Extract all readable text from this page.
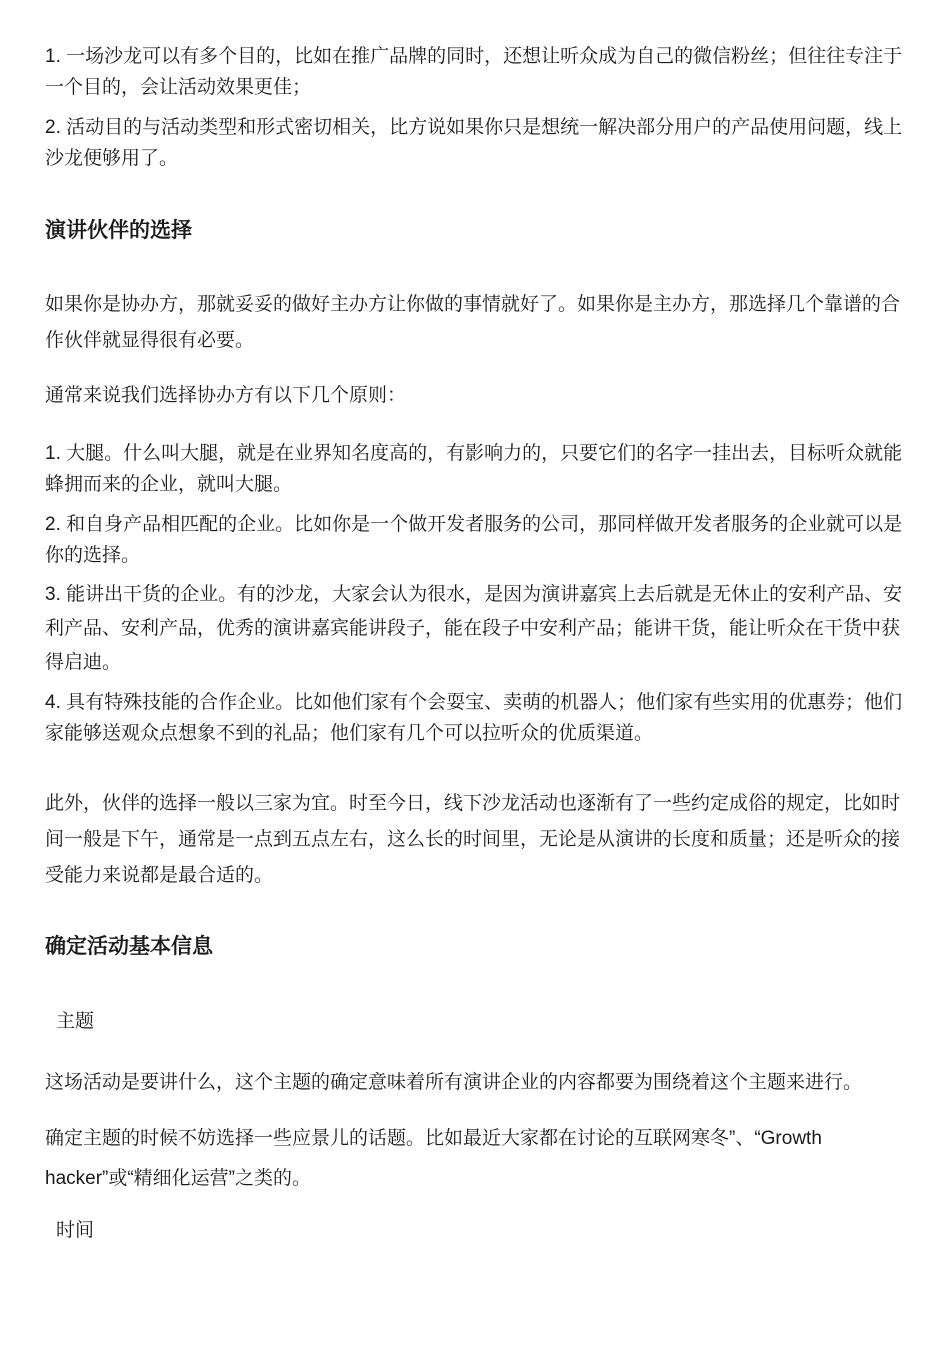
1. 一场沙龙可以有多个目的，比如在推广品牌的同时，还想让听众成为自己的微信粉丝；但往往专注于一个目的，会让活动效果更佳；

2. 活动目的与活动类型和形式密切相关，比方说如果你只是想统一解决部分用户的产品使用问题，线上沙龙便够用了。

演讲伙伴的选择

如果你是协办方，那就妥妥的做好主办方让你做的事情就好了。如果你是主办方，那选择几个靠谱的合作伙伴就显得很有必要。

通常来说我们选择协办方有以下几个原则：

1. 大腿。什么叫大腿，就是在业界知名度高的，有影响力的，只要它们的名字一挂出去，目标听众就能蜂拥而来的企业，就叫大腿。

2. 和自身产品相匹配的企业。比如你是一个做开发者服务的公司，那同样做开发者服务的企业就可以是你的选择。

3. 能讲出干货的企业。有的沙龙，大家会认为很水，是因为演讲嘉宾上去后就是无休止的安利产品、安利产品、安利产品，优秀的演讲嘉宾能讲段子，能在段子中安利产品；能讲干货，能让听众在干货中获得启迪。

4. 具有特殊技能的合作企业。比如他们家有个会耍宝、卖萌的机器人；他们家有些实用的优惠券；他们家能够送观众点想象不到的礼品；他们家有几个可以拉听众的优质渠道。

此外，伙伴的选择一般以三家为宜。时至今日，线下沙龙活动也逐渐有了一些约定成俗的规定，比如时间一般是下午，通常是一点到五点左右，这么长的时间里，无论是从演讲的长度和质量；还是听众的接受能力来说都是最合适的。

确定活动基本信息

主题

这场活动是要讲什么，这个主题的确定意味着所有演讲企业的内容都要为围绕着这个主题来进行。

确定主题的时候不妨选择一些应景儿的话题。比如最近大家都在讨论的互联网寒冬”、“Growth hacker”或“精细化运营”之类的。

时间
